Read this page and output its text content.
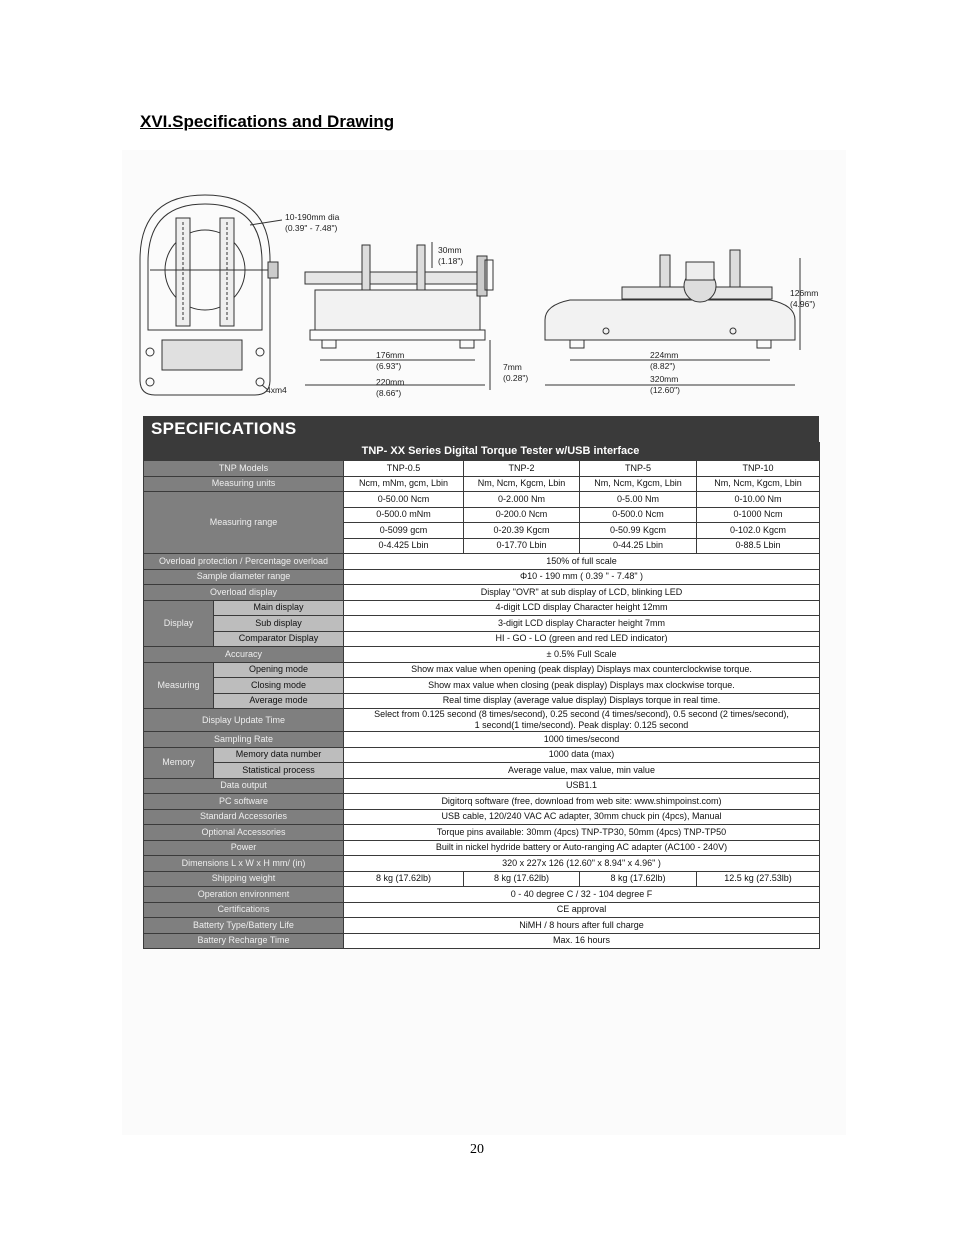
XVI.Specifications and Drawing
10-190mm dia
(0.39" - 7.48")
4xm4
30mm
(1.18")
176mm
(6.93")
220mm
(8.66")
7mm
(0.28")
126mm
(4.96")
224mm
(8.82")
320mm
(12.60")
SPECIFICATIONS
TNP- XX Series Digital Torque Tester w/USB interface					
TNP Models		TNP-0.5	TNP-2	TNP-5	TNP-10
Measuring units		Ncm, mNm, gcm, Lbin	Nm, Ncm, Kgcm, Lbin	Nm, Ncm, Kgcm, Lbin	Nm, Ncm, Kgcm, Lbin
Measuring range		0-50.00 Ncm	0-2.000 Nm	0-5.00 Nm	0-10.00 Nm
		0-500.0 mNm	0-200.0 Ncm	0-500.0 Ncm	0-1000 Ncm
		0-5099 gcm	0-20.39 Kgcm	0-50.99 Kgcm	0-102.0 Kgcm
		0-4.425 Lbin	0-17.70 Lbin	0-44.25 Lbin	0-88.5 Lbin
Overload protection / Percentage overload		150% of full scale			
Sample diameter range		Φ10 - 190 mm ( 0.39 " - 7.48" )			
Overload display		Display "OVR" at sub display of LCD, blinking LED			
Display	Main display	4-digit LCD display Character height 12mm			
	Sub display	3-digit LCD display Character height 7mm			
	Comparator Display	HI - GO - LO (green and red LED indicator)			
Accuracy		± 0.5% Full Scale			
Measuring	Opening mode	Show max value when opening (peak display) Displays max counterclockwise torque.			
	Closing mode	Show max value when closing (peak display) Displays max clockwise torque.			
	Average mode	Real time display (average value display) Displays torque in real time.			
Display Update Time		Select from 0.125 second (8 times/second), 0.25 second (4 times/second), 0.5 second (2 times/second),
1 second(1 time/second). Peak display: 0.125 second			
Sampling Rate		1000 times/second			
Memory	Memory data number	1000 data (max)			
	Statistical process	Average value, max value, min value			
Data output		USB1.1			
PC software		Digitorq software (free, download from web site: www.shimpoinst.com)			
Standard Accessories		USB cable, 120/240 VAC AC adapter, 30mm chuck pin (4pcs), Manual			
Optional Accessories		Torque pins available: 30mm (4pcs) TNP-TP30, 50mm (4pcs) TNP-TP50			
Power		Built in nickel hydride battery or Auto-ranging AC adapter (AC100 - 240V)			
Dimensions L x W x H mm/ (in)		320 x 227x 126 (12.60" x 8.94" x 4.96" )			
Shipping weight		8 kg (17.62lb)	8 kg (17.62lb)	8 kg (17.62lb)	12.5 kg (27.53lb)
Operation environment		0 - 40 degree C / 32 - 104 degree F			
Certifications		CE approval			
Batterty Type/Battery Life		NiMH / 8 hours after full charge			
Battery Recharge Time		Max. 16 hours			
20
